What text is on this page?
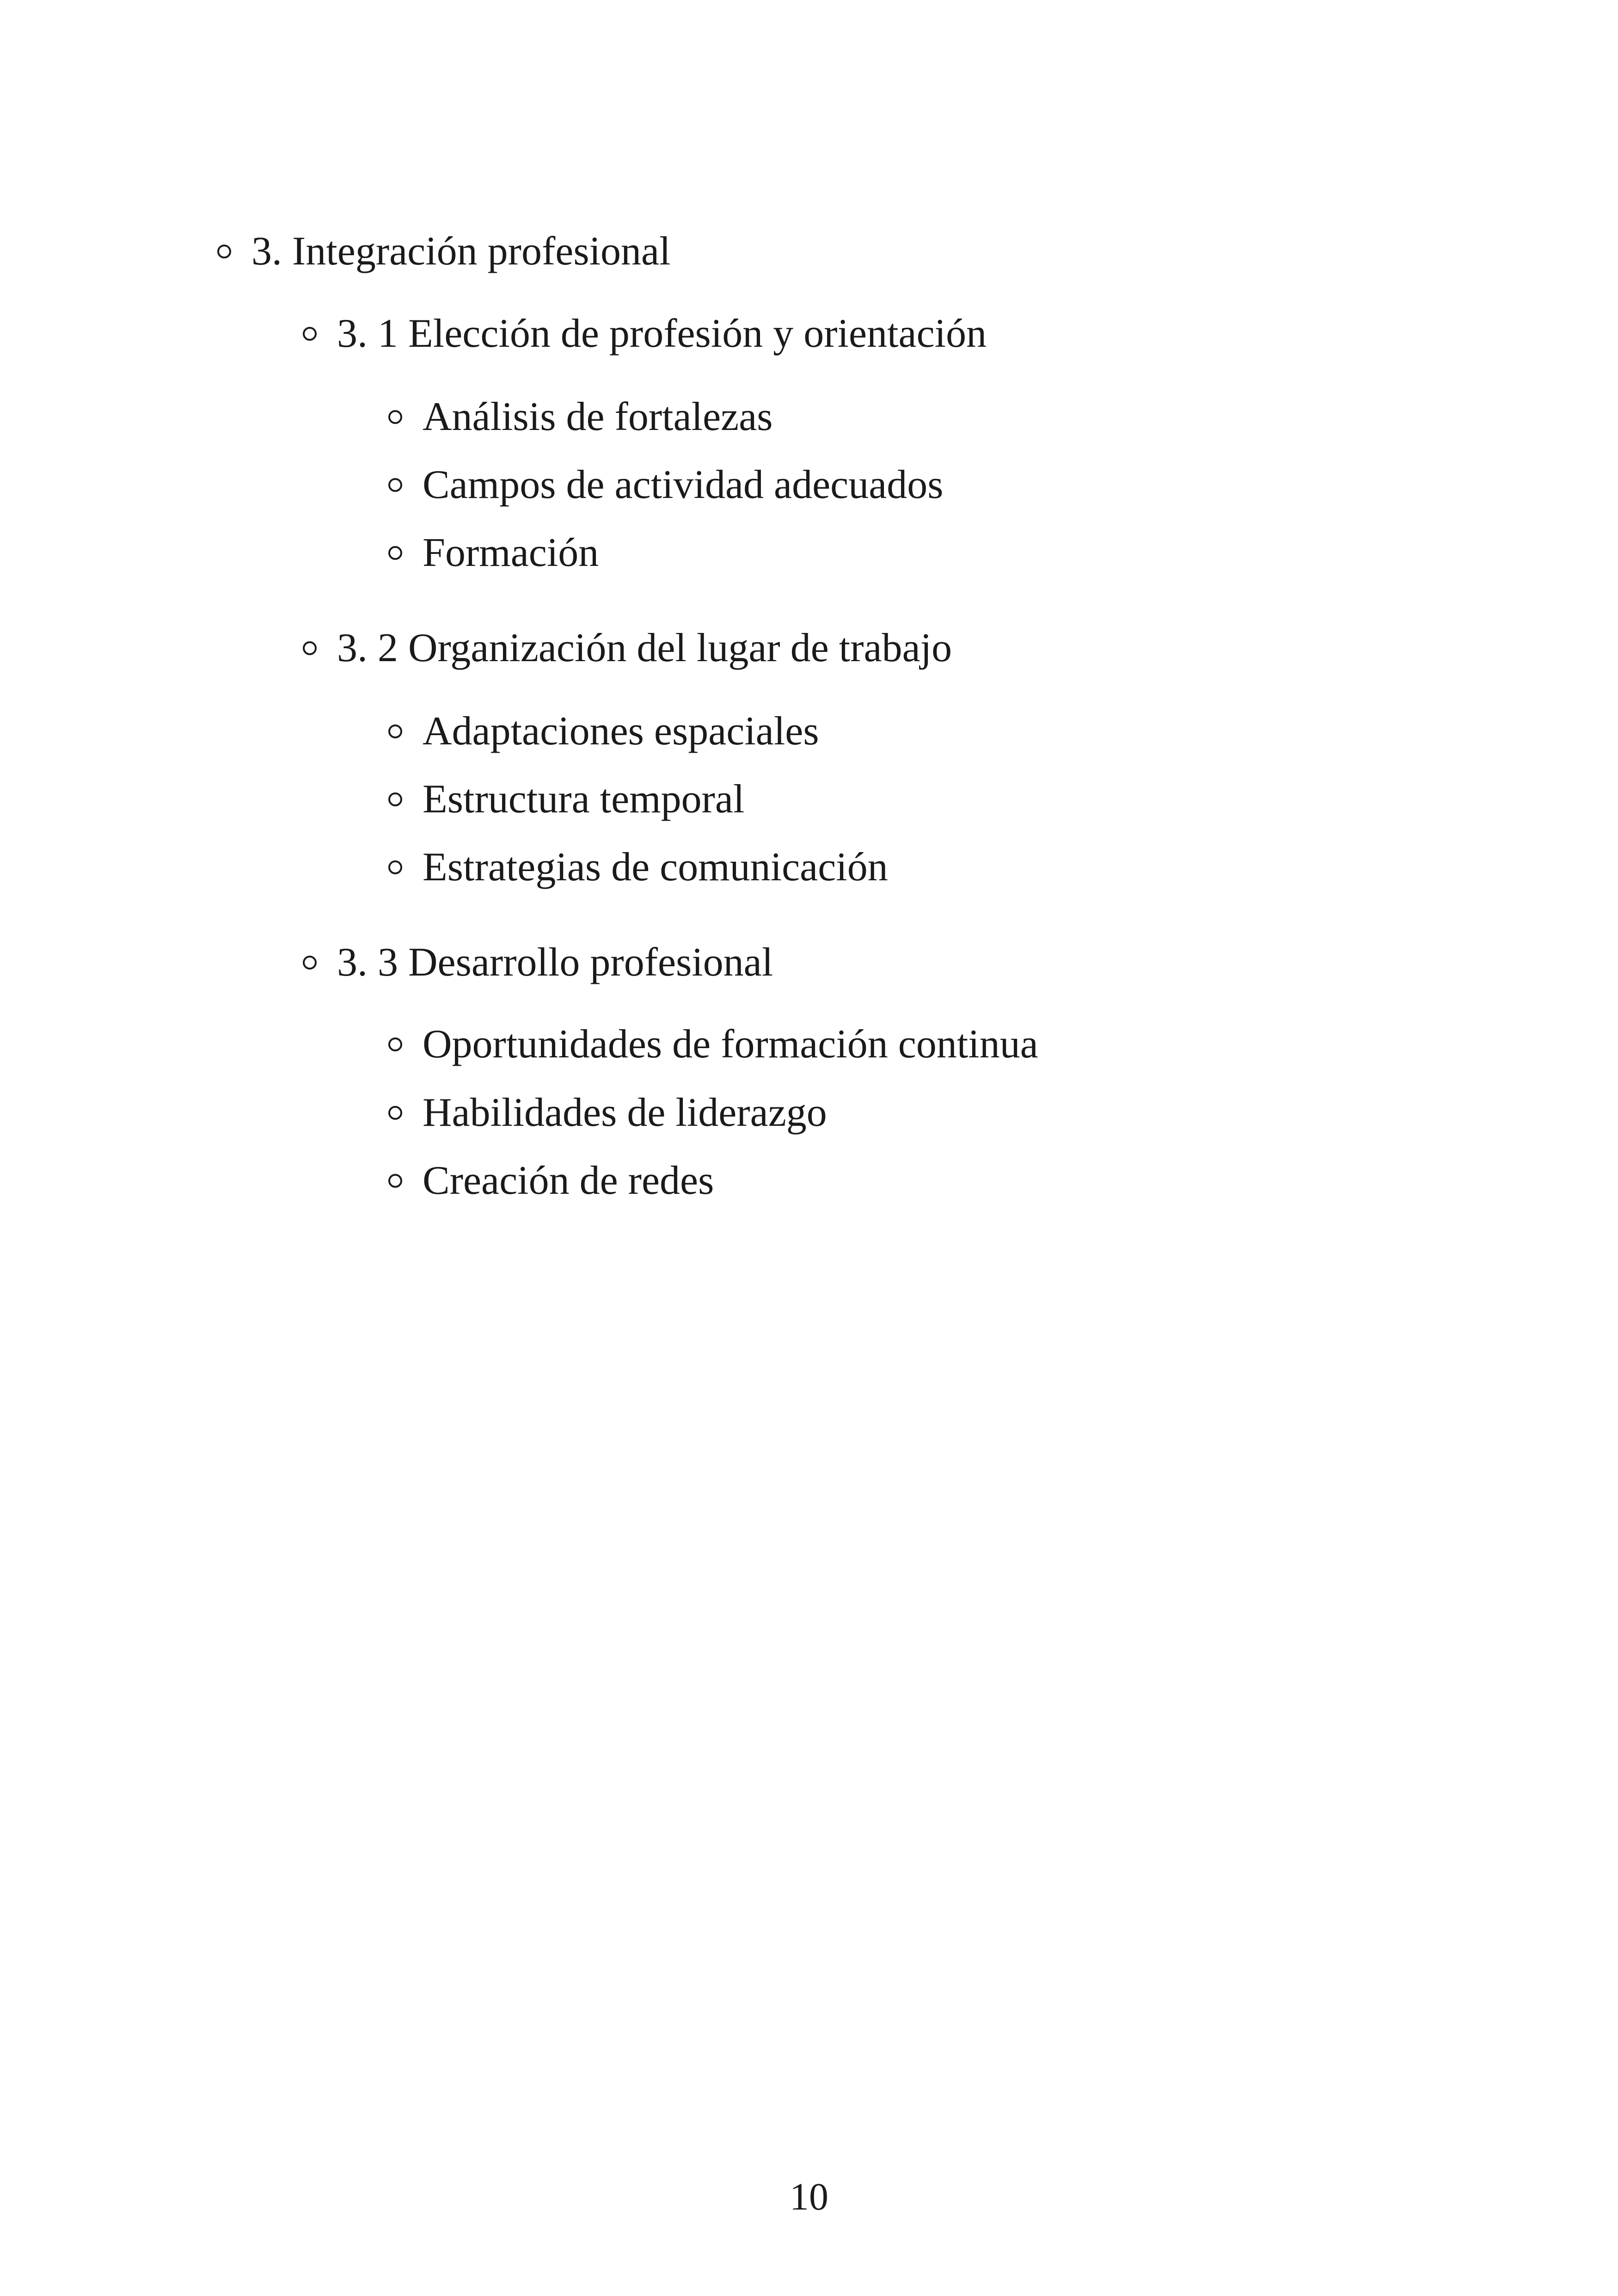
3. Integración profesional
3. 1 Elección de profesión y orientación
Análisis de fortalezas
Campos de actividad adecuados
Formación
3. 2 Organización del lugar de trabajo
Adaptaciones espaciales
Estructura temporal
Estrategias de comunicación
3. 3 Desarrollo profesional
Oportunidades de formación continua
Habilidades de liderazgo
Creación de redes
10
